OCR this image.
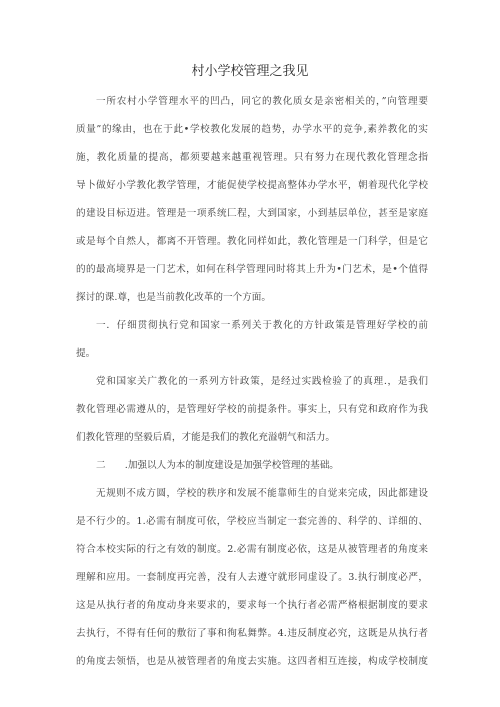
村小学校管理之我见
一所农村小学管理水平的凹凸，同它的教化质女是亲密相关的，”向管理要
质量”的缘由，也在于此•学校教化发展的趋势，办学水平的竞争,素养教化的实
施，教化质量的提高，都须要越来越重视管理。只有努力在现代教化管理念指
导卜做好小学教化教学管理，才能促使学校提高整体办学水平，朝着现代化学校
的建设目标迈进。管理是一项系统匚程，大到国家，小到基层单位，甚至是家庭
或是每个自然人，都离不开管理。教化同样如此，教化管理是一门科学，但是它
的的最高境界是一门艺术，如何在科学管理同时将其上升为•门艺术，是•个值得
探讨的课.尊，也是当前教化改革的一个方面。
一．仔细贯彻执行党和国家一系列关于教化的方针政策是管理好学校的前
提。
党和国家关广教化的一系列方针政策，是经过实践检验了的真理.，是我们
教化管理必需遵从的，是管理好学校的前提条件。事实上，只有党和政府作为我
们教化管理的坚毅后盾，才能是我们的教化充溢朝气和活力。
二　　.加强以人为本的制度建设是加强学校管理的基础。
无规则不成方圆，学校的秩序和发展不能靠师生的自觉来完成，因此都建设
是不行少的。1.必需有制度可依，学校应当制定一套完善的、科学的、详细的、
符合本校实际的行之有效的制度。2.必需有制度必依，这是从被管理者的角度来
理解和应用。一套制度再完善，没有人去遵守就形同虚设了。3.执行制度必严，
这是从执行者的角度动身来要求的，要求每一个执行者必需严格根据制度的要求
去执行，不得有任何的敷衍了事和徇私舞弊。4.违反制度必究，这既是从执行者
的角度去领悟，也是从被管理者的角度去实施。这四者相互连接，构成学校制度
